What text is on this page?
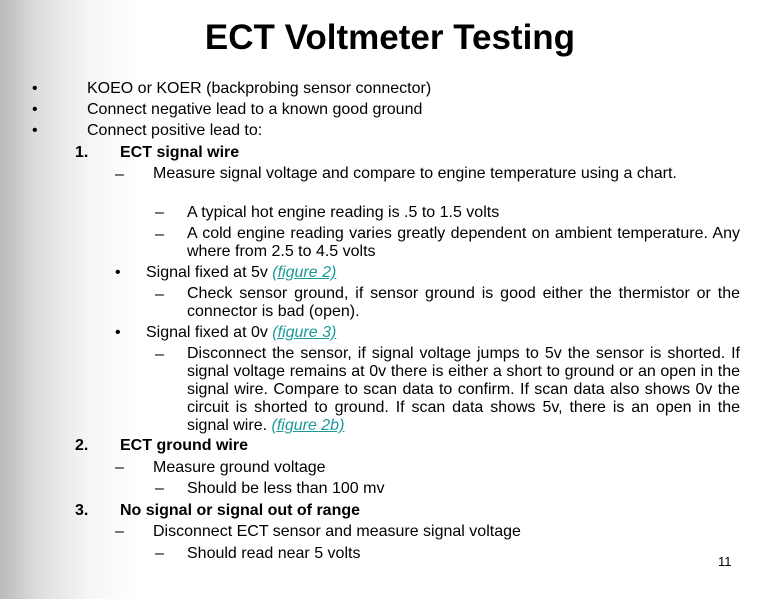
ECT Voltmeter Testing
•	KOEO or KOER (backprobing sensor connector)
•	Connect negative lead to a known good ground
•	Connect positive lead to:
1. ECT signal wire
– Measure signal voltage and compare to engine temperature using a chart.
– A typical hot engine reading is .5 to 1.5 volts
– A cold engine reading varies greatly dependent on ambient temperature. Any where from 2.5 to 4.5 volts
• Signal fixed at 5v (figure 2)
– Check sensor ground, if sensor ground is good either the thermistor or the connector is bad (open).
• Signal fixed at 0v (figure 3)
– Disconnect the sensor, if signal voltage jumps to 5v the sensor is shorted. If signal voltage remains at 0v there is either a short to ground or an open in the signal wire. Compare to scan data to confirm. If scan data also shows 0v the circuit is shorted to ground. If scan data shows 5v, there is an open in the signal wire. (figure 2b)
2. ECT ground wire
– Measure ground voltage
– Should be less than 100 mv
3. No signal or signal out of range
– Disconnect ECT sensor and measure signal voltage
– Should read near 5 volts	11
